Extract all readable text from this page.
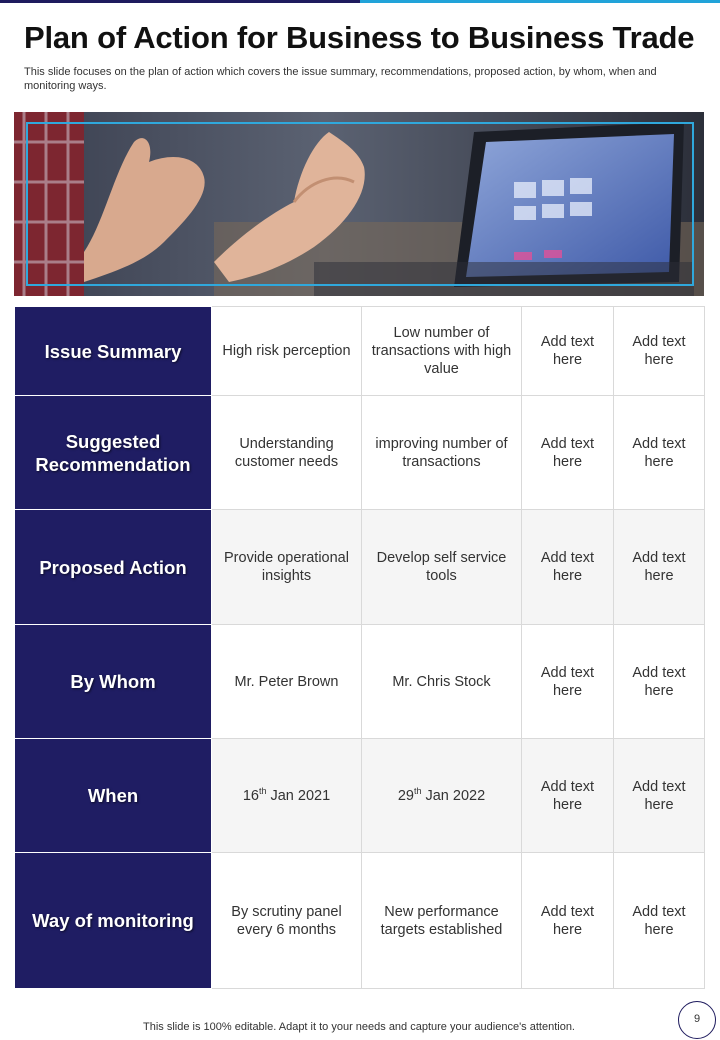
Plan of Action for Business to Business Trade

This slide focuses on the plan of action which covers the issue summary, recommendations, proposed action, by whom, when and monitoring ways.

Issue Summary	High risk perception	Low number of transactions with high value	Add text here	Add text here
Suggested Recommendation	Understanding customer needs	improving number of transactions	Add text here	Add text here
Proposed Action	Provide operational insights	Develop self service tools	Add text here	Add text here
By Whom	Mr. Peter Brown	Mr. Chris Stock	Add text here	Add text here
When	16th Jan 2021	29th Jan 2022	Add text here	Add text here
Way of monitoring	By scrutiny panel every 6 months	New performance targets established	Add text here	Add text here

This slide is 100% editable. Adapt it to your needs and capture your audience's attention.

9
